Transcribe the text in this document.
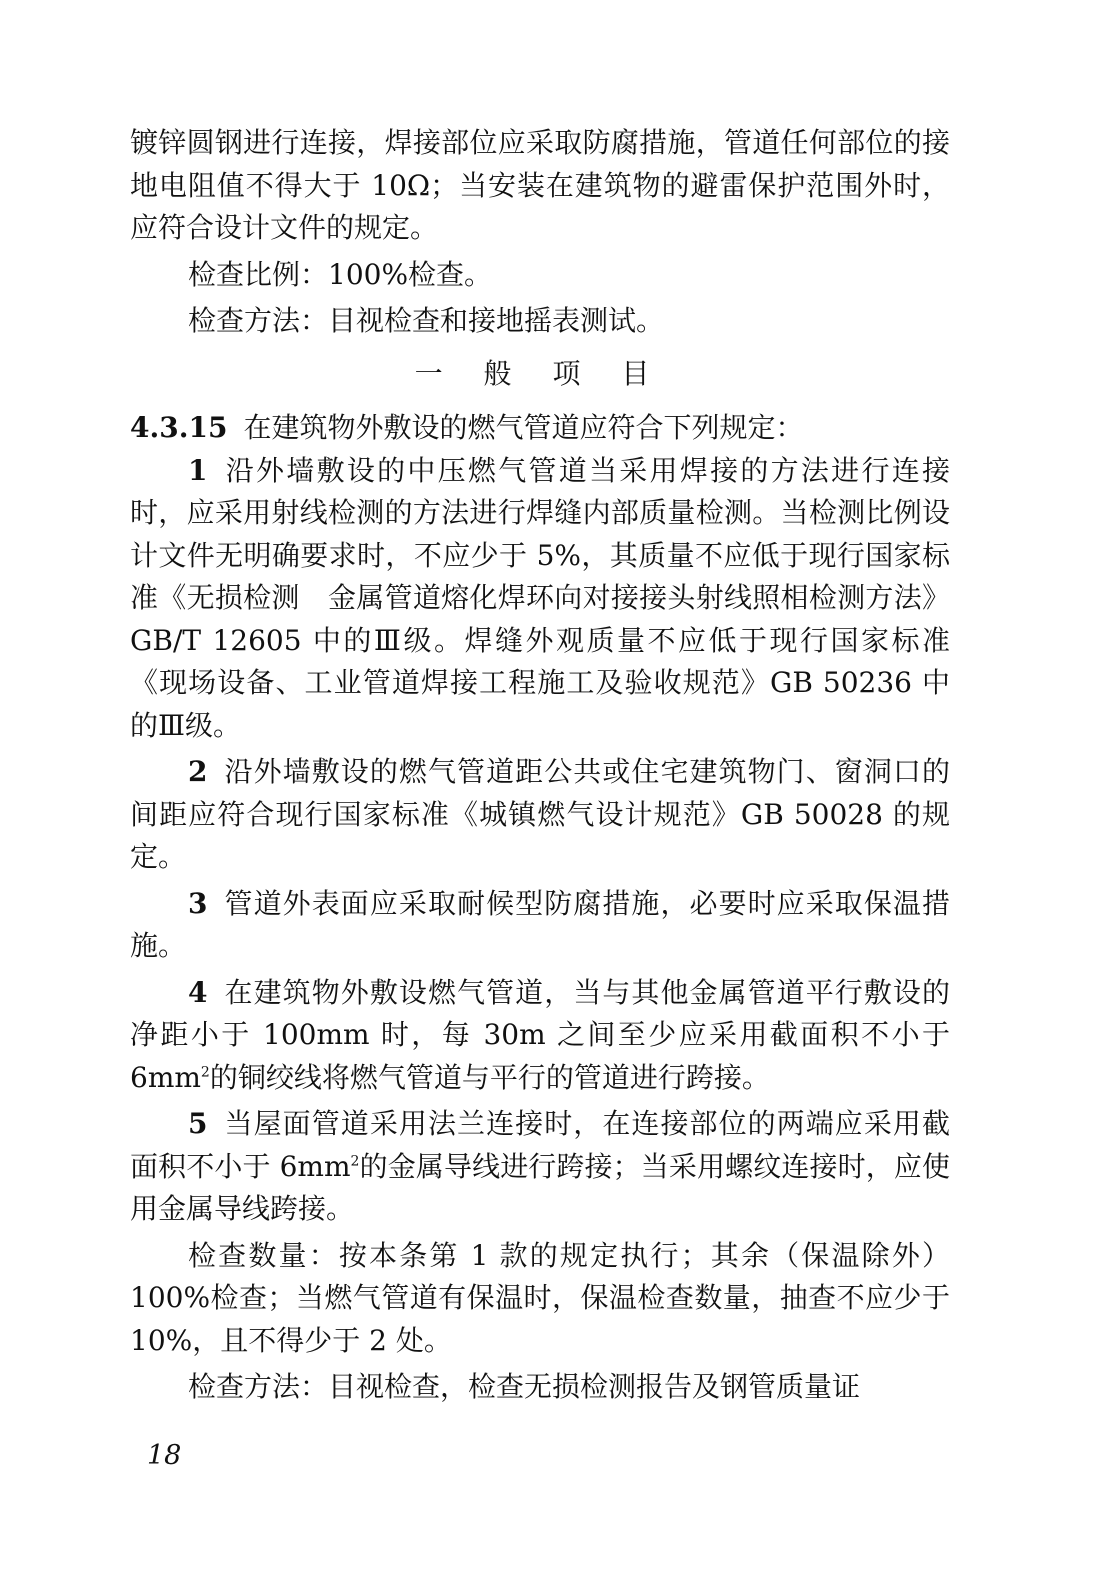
镀锌圆钢进行连接，焊接部位应采取防腐措施，管道任何部位的接地电阻值不得大于 10Ω；当安装在建筑物的避雷保护范围外时，应符合设计文件的规定。

检查比例：100%检查。

检查方法：目视检查和接地摇表测试。

一 般 项 目

4.3.15 在建筑物外敷设的燃气管道应符合下列规定：

1 沿外墙敷设的中压燃气管道当采用焊接的方法进行连接时，应采用射线检测的方法进行焊缝内部质量检测。当检测比例设计文件无明确要求时，不应少于 5%，其质量不应低于现行国家标准《无损检测　金属管道熔化焊环向对接接头射线照相检测方法》GB/T 12605 中的Ⅲ级。焊缝外观质量不应低于现行国家标准《现场设备、工业管道焊接工程施工及验收规范》GB 50236 中的Ⅲ级。

2 沿外墙敷设的燃气管道距公共或住宅建筑物门、窗洞口的间距应符合现行国家标准《城镇燃气设计规范》GB 50028 的规定。

3 管道外表面应采取耐候型防腐措施，必要时应采取保温措施。

4 在建筑物外敷设燃气管道，当与其他金属管道平行敷设的净距小于 100mm 时，每 30m 之间至少应采用截面积不小于 $6mm^2$的铜绞线将燃气管道与平行的管道进行跨接。

5 当屋面管道采用法兰连接时，在连接部位的两端应采用截面积不小于 $6mm^2$的金属导线进行跨接；当采用螺纹连接时，应使用金属导线跨接。

检查数量：按本条第 1 款的规定执行；其余（保温除外）100%检查；当燃气管道有保温时，保温检查数量，抽查不应少于 10%，且不得少于 2 处。

检查方法：目视检查，检查无损检测报告及钢管质量证

18
